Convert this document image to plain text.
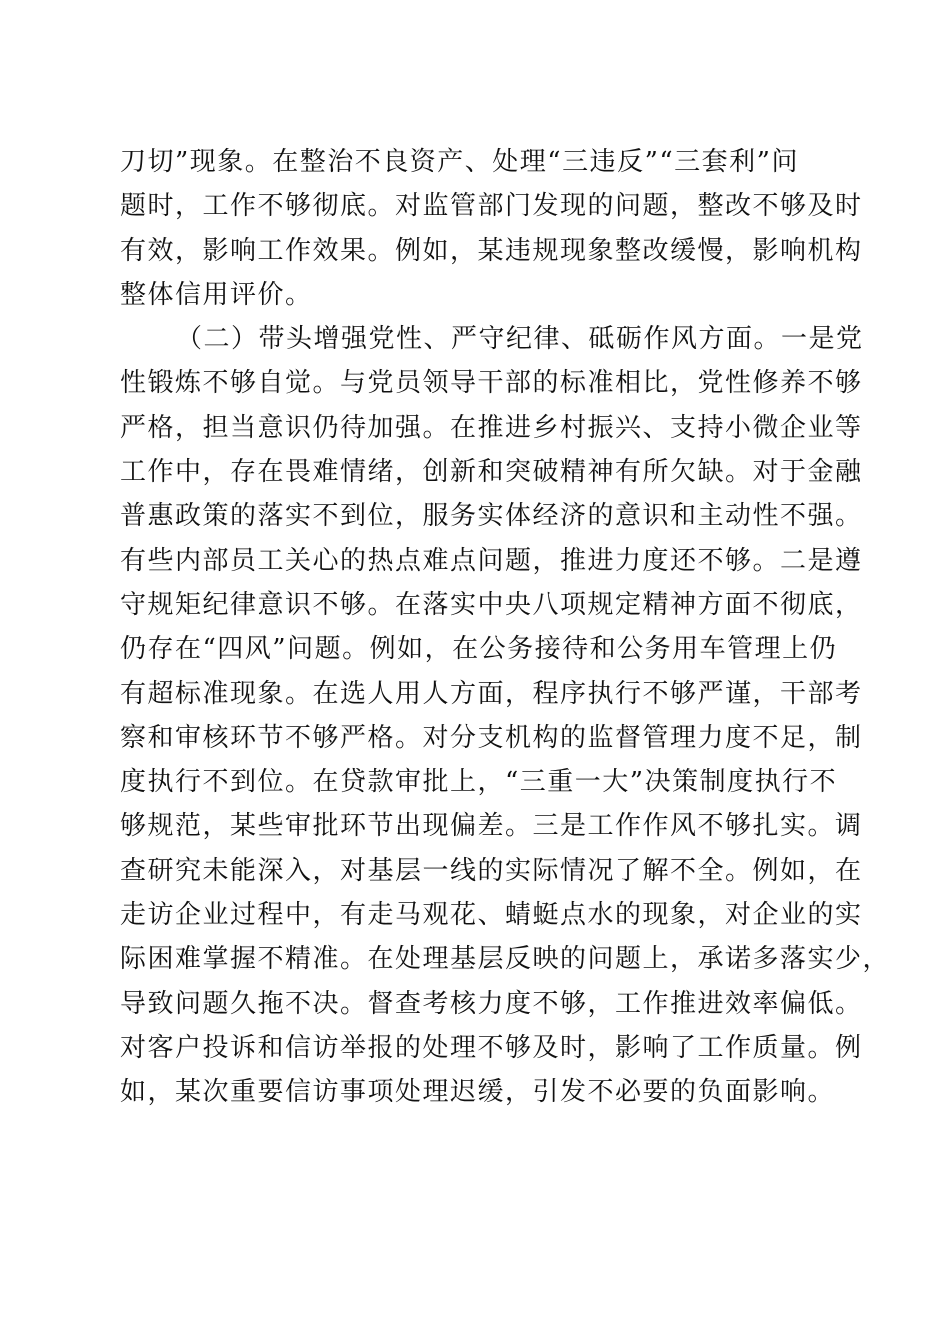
刀切”现象。在整治不良资产、处理“三违反”“三套利”问
题时，工作不够彻底。对监管部门发现的问题，整改不够及时
有效，影响工作效果。例如，某违规现象整改缓慢，影响机构
整体信用评价。
（二）带头增强党性、严守纪律、砥砺作风方面。一是党
性锻炼不够自觉。与党员领导干部的标准相比，党性修养不够
严格，担当意识仍待加强。在推进乡村振兴、支持小微企业等
工作中，存在畏难情绪，创新和突破精神有所欠缺。对于金融
普惠政策的落实不到位，服务实体经济的意识和主动性不强。
有些内部员工关心的热点难点问题，推进力度还不够。二是遵
守规矩纪律意识不够。在落实中央八项规定精神方面不彻底，
仍存在“四风”问题。例如，在公务接待和公务用车管理上仍
有超标准现象。在选人用人方面，程序执行不够严谨，干部考
察和审核环节不够严格。对分支机构的监督管理力度不足，制
度执行不到位。在贷款审批上，“三重一大”决策制度执行不
够规范，某些审批环节出现偏差。三是工作作风不够扎实。调
查研究未能深入，对基层一线的实际情况了解不全。例如，在
走访企业过程中，有走马观花、蜻蜓点水的现象，对企业的实
际困难掌握不精准。在处理基层反映的问题上，承诺多落实少，
导致问题久拖不决。督查考核力度不够，工作推进效率偏低。
对客户投诉和信访举报的处理不够及时，影响了工作质量。例
如，某次重要信访事项处理迟缓，引发不必要的负面影响。
